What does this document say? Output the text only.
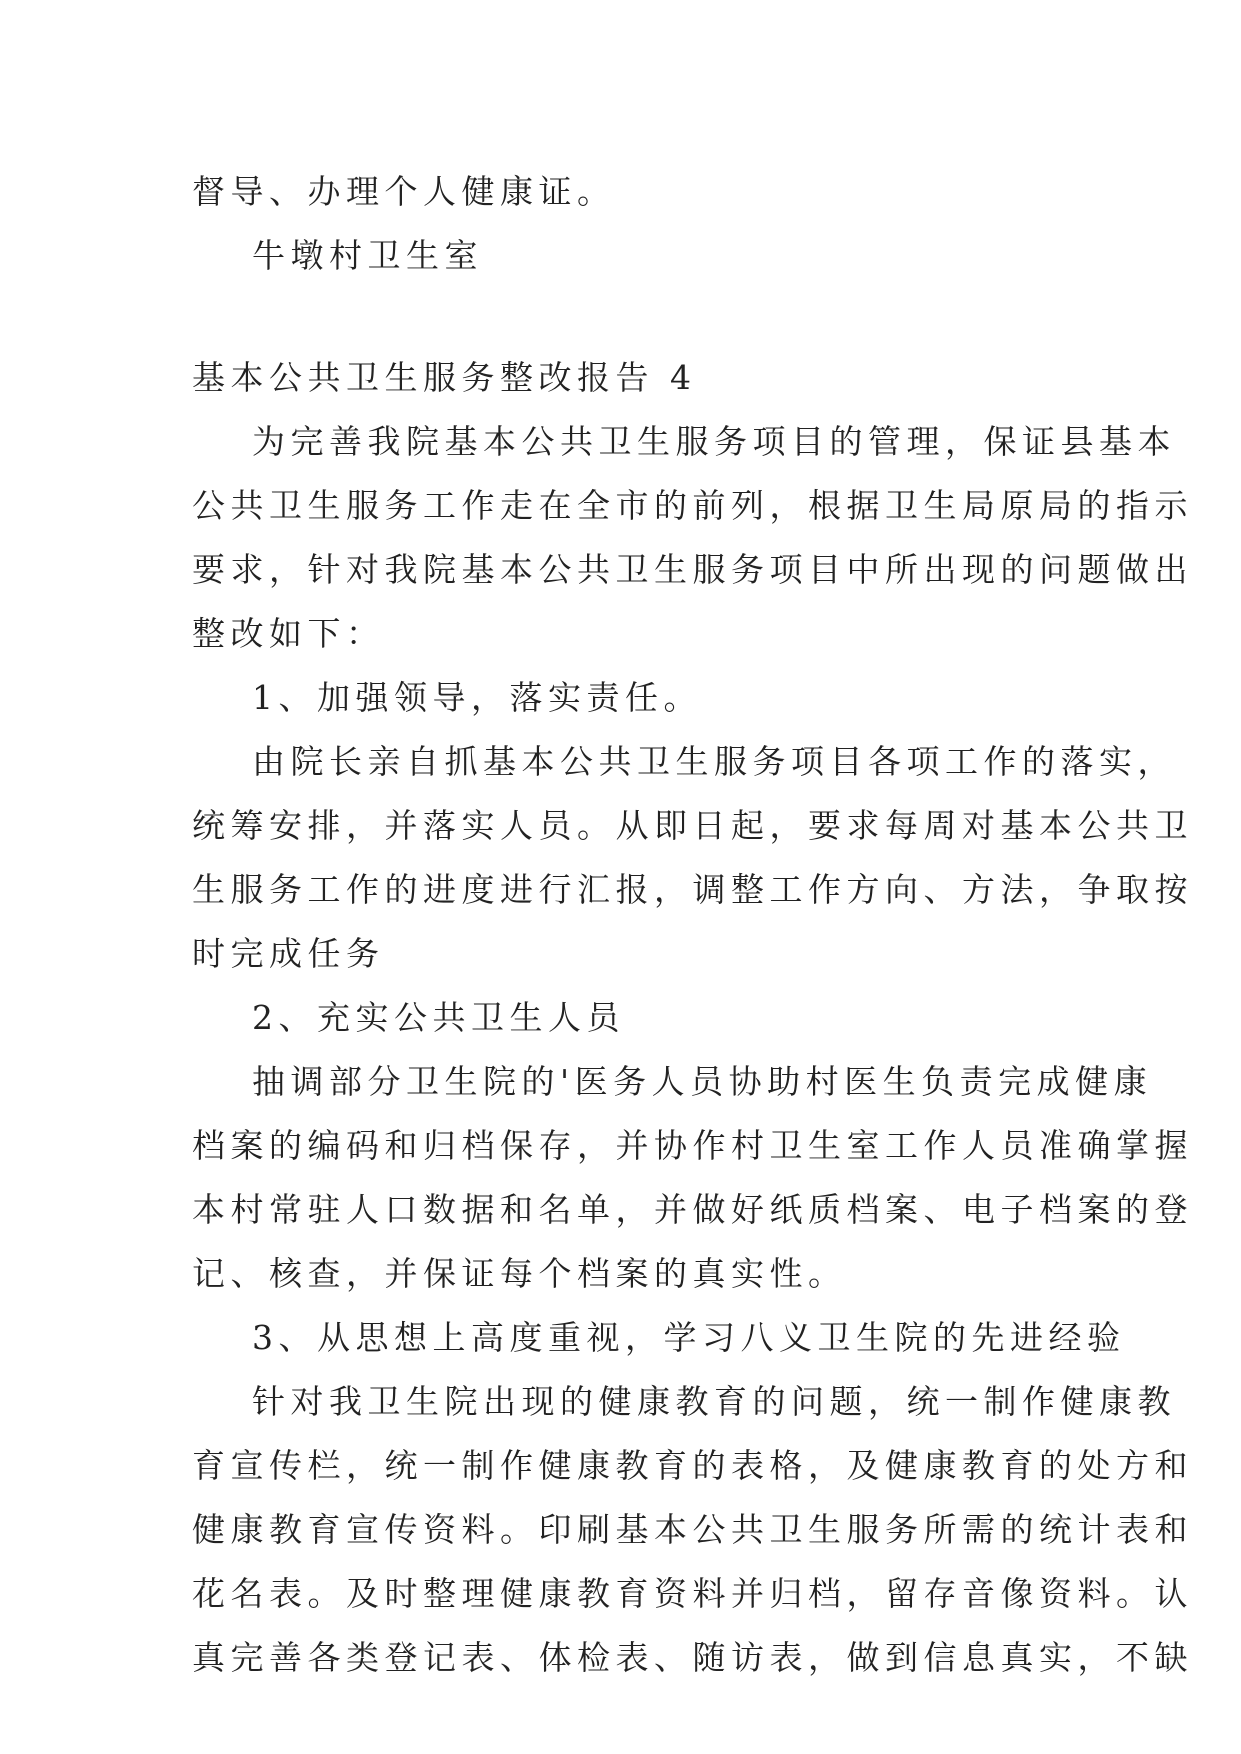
督导、办理个人健康证。
牛墩村卫生室
基本公共卫生服务整改报告 4
为完善我院基本公共卫生服务项目的管理，保证县基本
公共卫生服务工作走在全市的前列，根据卫生局原局的指示
要求，针对我院基本公共卫生服务项目中所出现的问题做出
整改如下：
1、加强领导，落实责任。
由院长亲自抓基本公共卫生服务项目各项工作的落实，
统筹安排，并落实人员。从即日起，要求每周对基本公共卫
生服务工作的进度进行汇报，调整工作方向、方法，争取按
时完成任务
2、充实公共卫生人员
抽调部分卫生院的'医务人员协助村医生负责完成健康
档案的编码和归档保存，并协作村卫生室工作人员准确掌握
本村常驻人口数据和名单，并做好纸质档案、电子档案的登
记、核查，并保证每个档案的真实性。
3、从思想上高度重视，学习八义卫生院的先进经验
针对我卫生院出现的健康教育的问题，统一制作健康教
育宣传栏，统一制作健康教育的表格，及健康教育的处方和
健康教育宣传资料。印刷基本公共卫生服务所需的统计表和
花名表。及时整理健康教育资料并归档，留存音像资料。认
真完善各类登记表、体检表、随访表，做到信息真实，不缺
